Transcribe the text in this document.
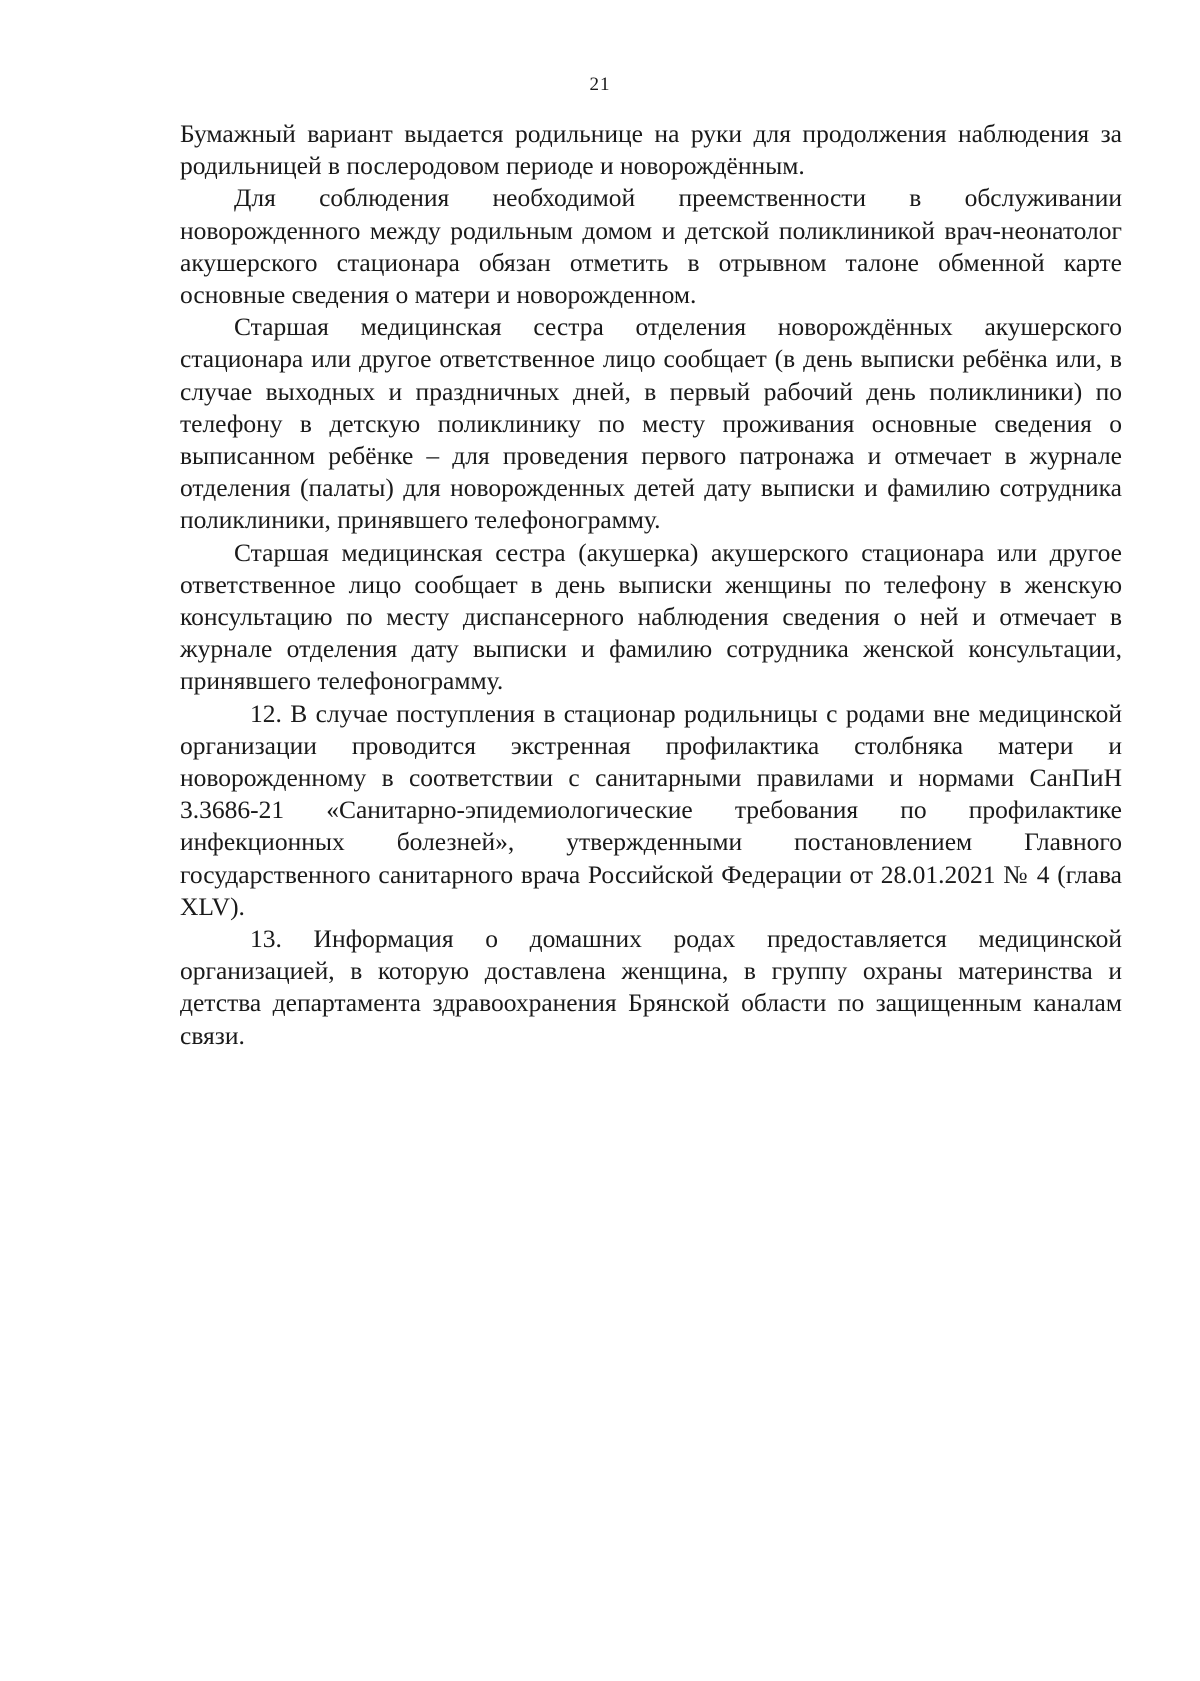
21

Бумажный вариант выдается родильнице на руки для продолжения наблюдения за родильницей в послеродовом периоде и новорождённым.

Для соблюдения необходимой преемственности в обслуживании новорожденного между родильным домом и детской поликлиникой врач-неонатолог акушерского стационара обязан отметить в отрывном талоне обменной карте основные сведения о матери и новорожденном.

Старшая медицинская сестра отделения новорождённых акушерского стационара или другое ответственное лицо сообщает (в день выписки ребёнка или, в случае выходных и праздничных дней, в первый рабочий день поликлиники) по телефону в детскую поликлинику по месту проживания основные сведения о выписанном ребёнке – для проведения первого патронажа и отмечает в журнале отделения (палаты) для новорожденных детей дату выписки и фамилию сотрудника поликлиники, принявшего телефонограмму.

Старшая медицинская сестра (акушерка) акушерского стационара или другое ответственное лицо сообщает в день выписки женщины по телефону в женскую консультацию по месту диспансерного наблюдения сведения о ней и отмечает в журнале отделения дату выписки и фамилию сотрудника женской консультации, принявшего телефонограмму.

12. В случае поступления в стационар родильницы с родами вне медицинской организации проводится экстренная профилактика столбняка матери и новорожденному в соответствии с санитарными правилами и нормами СанПиН 3.3686-21 «Санитарно-эпидемиологические требования по профилактике инфекционных болезней», утвержденными постановлением Главного государственного санитарного врача Российской Федерации от 28.01.2021 № 4 (глава XLV).

13. Информация о домашних родах предоставляется медицинской организацией, в которую доставлена женщина, в группу охраны материнства и детства департамента здравоохранения Брянской области по защищенным каналам связи.
